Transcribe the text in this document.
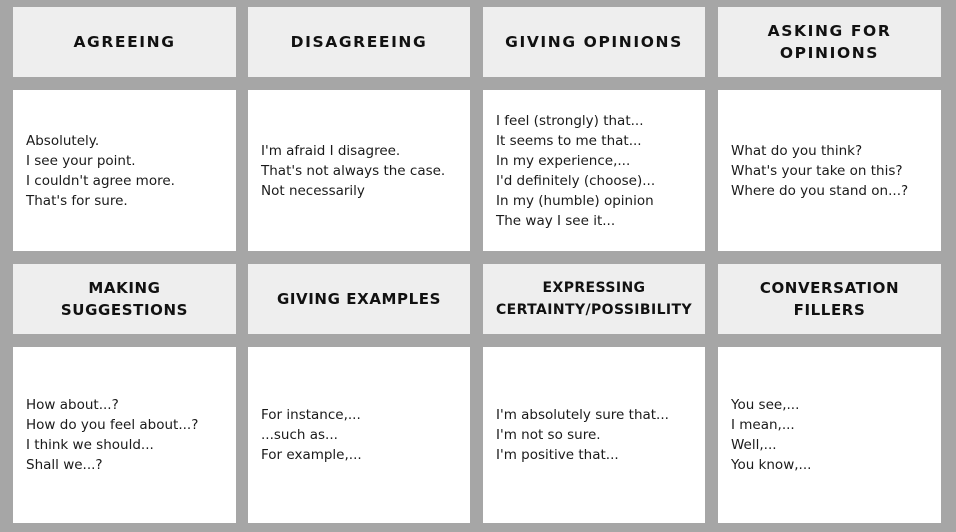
AGREEING	DISAGREEING	GIVING OPINIONS
ASKING FOR
OPINIONS
Absolutely.
I see your point.
I couldn't agree more.
That's for sure.
I'm afraid I disagree.
That's not always the case.
Not necessarily
I feel (strongly) that...
It seems to me that...
In my experience,...
I'd definitely (choose)...
In my (humble) opinion
The way I see it...
What do you think?
What's your take on this?
Where do you stand on...?
MAKING
SUGGESTIONS
GIVING EXAMPLES
EXPRESSING
CERTAINTY/POSSIBILITY
CONVERSATION
FILLERS
How about...?
How do you feel about...?
I think we should...
Shall we...?
For instance,...
...such as...
For example,...
I'm absolutely sure that...
I'm not so sure.
I'm positive that...
You see,...
I mean,...
Well,...
You know,...
